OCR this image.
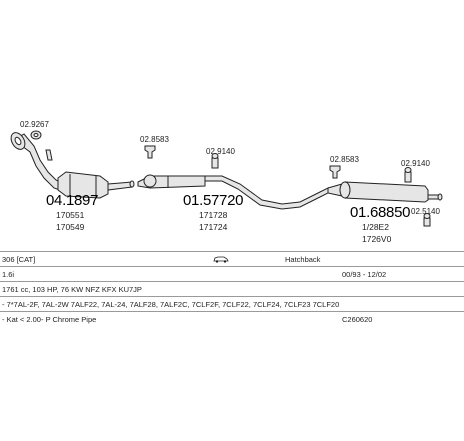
02.9267
02.8583
02.9140
02.8583	02.9140
02.5140
04.1897
170551
170549
01.57720
171728
171724
01.68850
1/28E2
1726V0
306 [CAT]	Hatchback
1.6i	00/93 - 12/02
1761 cc, 103 HP, 76 KW NFZ KFX KU7JP
- 7*7AL-2F, 7AL-2W 7ALF22, 7AL-24, 7ALF28, 7ALF2C, 7CLF2F, 7CLF22, 7CLF24, 7CLF23 7CLF20
- Kat < 2.00- P Chrome Pipe	C260620
